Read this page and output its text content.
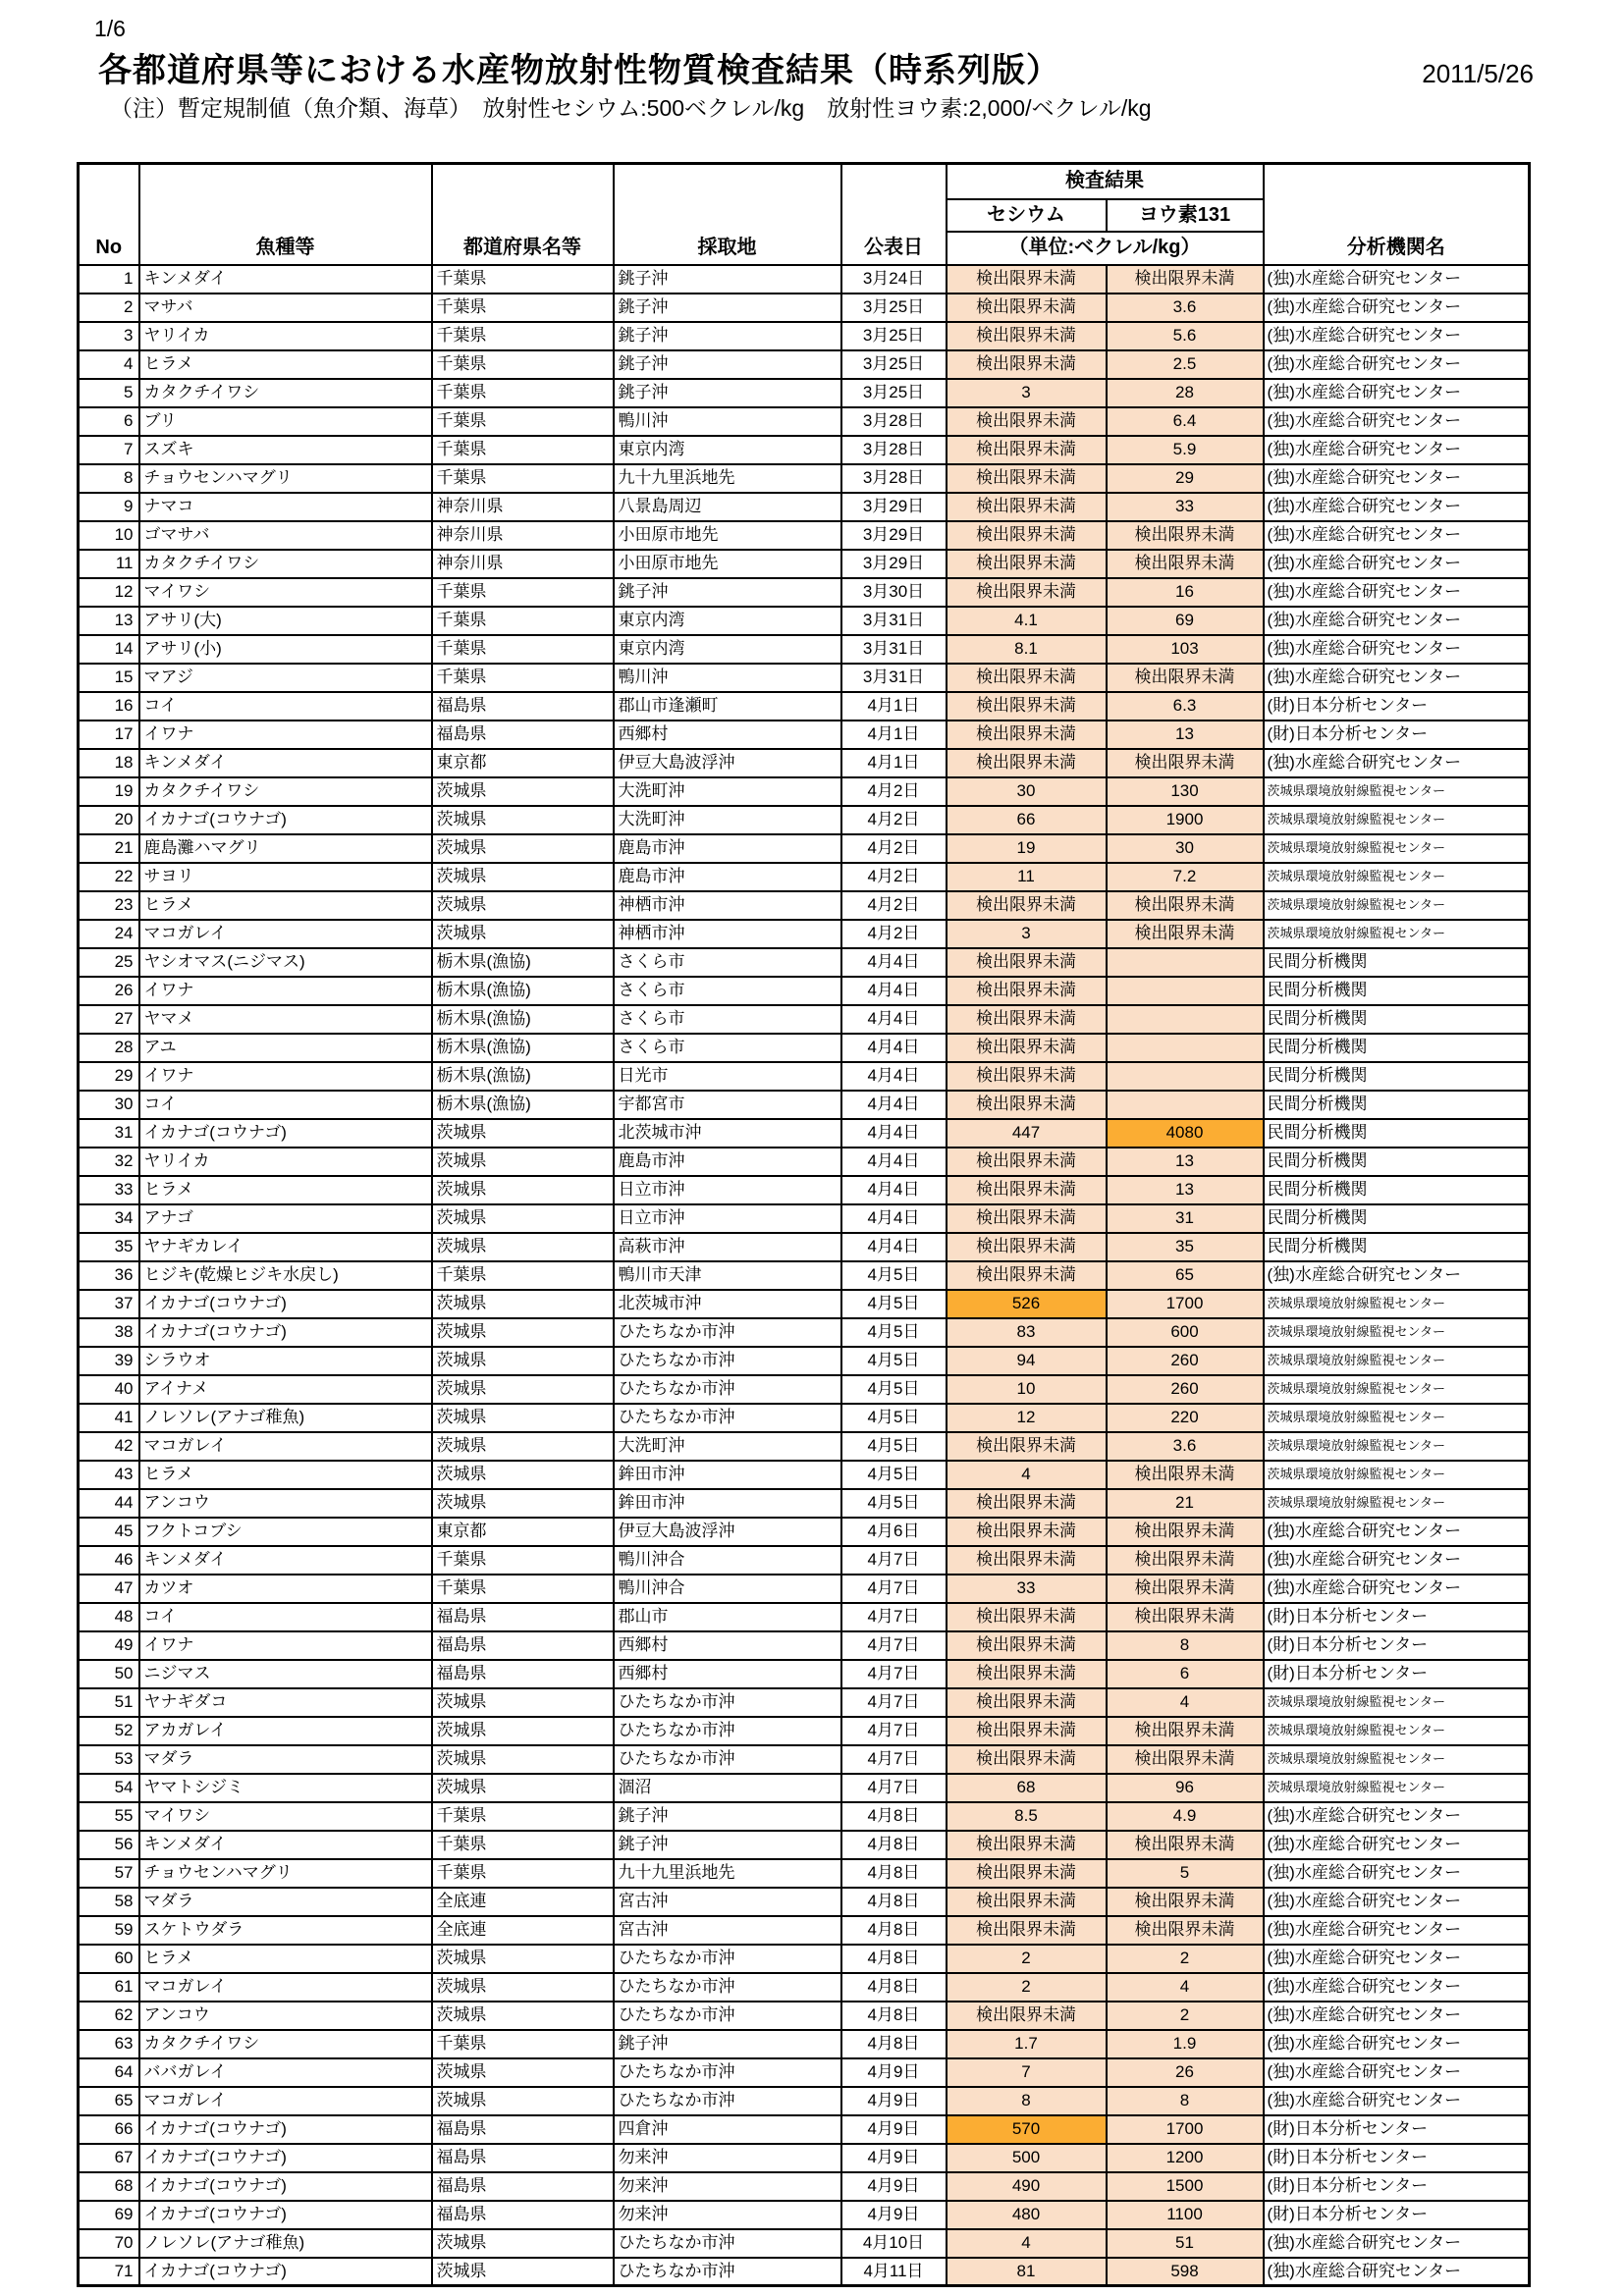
1/6
各都道府県等における水産物放射性物質検査結果（時系列版）	2011/5/26
（注）暫定規制値（魚介類、海草）　放射性セシウム:500ベクレル/kg　放射性ヨウ素:2,000/ベクレル/kg
No	魚種等	都道府県名等	採取地	公表日	検査結果		分析機関名
					セシウム	ヨウ素131	
					（単位:ベクレル/kg）		
1	キンメダイ	千葉県	銚子沖	3月24日	検出限界未満	検出限界未満	(独)水産総合研究センター
2	マサバ	千葉県	銚子沖	3月25日	検出限界未満	3.6	(独)水産総合研究センター
3	ヤリイカ	千葉県	銚子沖	3月25日	検出限界未満	5.6	(独)水産総合研究センター
4	ヒラメ	千葉県	銚子沖	3月25日	検出限界未満	2.5	(独)水産総合研究センター
5	カタクチイワシ	千葉県	銚子沖	3月25日	3	28	(独)水産総合研究センター
6	ブリ	千葉県	鴨川沖	3月28日	検出限界未満	6.4	(独)水産総合研究センター
7	スズキ	千葉県	東京内湾	3月28日	検出限界未満	5.9	(独)水産総合研究センター
8	チョウセンハマグリ	千葉県	九十九里浜地先	3月28日	検出限界未満	29	(独)水産総合研究センター
9	ナマコ	神奈川県	八景島周辺	3月29日	検出限界未満	33	(独)水産総合研究センター
10	ゴマサバ	神奈川県	小田原市地先	3月29日	検出限界未満	検出限界未満	(独)水産総合研究センター
11	カタクチイワシ	神奈川県	小田原市地先	3月29日	検出限界未満	検出限界未満	(独)水産総合研究センター
12	マイワシ	千葉県	銚子沖	3月30日	検出限界未満	16	(独)水産総合研究センター
13	アサリ(大)	千葉県	東京内湾	3月31日	4.1	69	(独)水産総合研究センター
14	アサリ(小)	千葉県	東京内湾	3月31日	8.1	103	(独)水産総合研究センター
15	マアジ	千葉県	鴨川沖	3月31日	検出限界未満	検出限界未満	(独)水産総合研究センター
16	コイ	福島県	郡山市逢瀬町	4月1日	検出限界未満	6.3	(財)日本分析センター
17	イワナ	福島県	西郷村	4月1日	検出限界未満	13	(財)日本分析センター
18	キンメダイ	東京都	伊豆大島波浮沖	4月1日	検出限界未満	検出限界未満	(独)水産総合研究センター
19	カタクチイワシ	茨城県	大洗町沖	4月2日	30	130	茨城県環境放射線監視センター
20	イカナゴ(コウナゴ)	茨城県	大洗町沖	4月2日	66	1900	茨城県環境放射線監視センター
21	鹿島灘ハマグリ	茨城県	鹿島市沖	4月2日	19	30	茨城県環境放射線監視センター
22	サヨリ	茨城県	鹿島市沖	4月2日	11	7.2	茨城県環境放射線監視センター
23	ヒラメ	茨城県	神栖市沖	4月2日	検出限界未満	検出限界未満	茨城県環境放射線監視センター
24	マコガレイ	茨城県	神栖市沖	4月2日	3	検出限界未満	茨城県環境放射線監視センター
25	ヤシオマス(ニジマス)	栃木県(漁協)	さくら市	4月4日	検出限界未満		民間分析機関
26	イワナ	栃木県(漁協)	さくら市	4月4日	検出限界未満		民間分析機関
27	ヤマメ	栃木県(漁協)	さくら市	4月4日	検出限界未満		民間分析機関
28	アユ	栃木県(漁協)	さくら市	4月4日	検出限界未満		民間分析機関
29	イワナ	栃木県(漁協)	日光市	4月4日	検出限界未満		民間分析機関
30	コイ	栃木県(漁協)	宇都宮市	4月4日	検出限界未満		民間分析機関
31	イカナゴ(コウナゴ)	茨城県	北茨城市沖	4月4日	447	4080	民間分析機関
32	ヤリイカ	茨城県	鹿島市沖	4月4日	検出限界未満	13	民間分析機関
33	ヒラメ	茨城県	日立市沖	4月4日	検出限界未満	13	民間分析機関
34	アナゴ	茨城県	日立市沖	4月4日	検出限界未満	31	民間分析機関
35	ヤナギカレイ	茨城県	高萩市沖	4月4日	検出限界未満	35	民間分析機関
36	ヒジキ(乾燥ヒジキ水戻し)	千葉県	鴨川市天津	4月5日	検出限界未満	65	(独)水産総合研究センター
37	イカナゴ(コウナゴ)	茨城県	北茨城市沖	4月5日	526	1700	茨城県環境放射線監視センター
38	イカナゴ(コウナゴ)	茨城県	ひたちなか市沖	4月5日	83	600	茨城県環境放射線監視センター
39	シラウオ	茨城県	ひたちなか市沖	4月5日	94	260	茨城県環境放射線監視センター
40	アイナメ	茨城県	ひたちなか市沖	4月5日	10	260	茨城県環境放射線監視センター
41	ノレソレ(アナゴ稚魚)	茨城県	ひたちなか市沖	4月5日	12	220	茨城県環境放射線監視センター
42	マコガレイ	茨城県	大洗町沖	4月5日	検出限界未満	3.6	茨城県環境放射線監視センター
43	ヒラメ	茨城県	鉾田市沖	4月5日	4	検出限界未満	茨城県環境放射線監視センター
44	アンコウ	茨城県	鉾田市沖	4月5日	検出限界未満	21	茨城県環境放射線監視センター
45	フクトコブシ	東京都	伊豆大島波浮沖	4月6日	検出限界未満	検出限界未満	(独)水産総合研究センター
46	キンメダイ	千葉県	鴨川沖合	4月7日	検出限界未満	検出限界未満	(独)水産総合研究センター
47	カツオ	千葉県	鴨川沖合	4月7日	33	検出限界未満	(独)水産総合研究センター
48	コイ	福島県	郡山市	4月7日	検出限界未満	検出限界未満	(財)日本分析センター
49	イワナ	福島県	西郷村	4月7日	検出限界未満	8	(財)日本分析センター
50	ニジマス	福島県	西郷村	4月7日	検出限界未満	6	(財)日本分析センター
51	ヤナギダコ	茨城県	ひたちなか市沖	4月7日	検出限界未満	4	茨城県環境放射線監視センター
52	アカガレイ	茨城県	ひたちなか市沖	4月7日	検出限界未満	検出限界未満	茨城県環境放射線監視センター
53	マダラ	茨城県	ひたちなか市沖	4月7日	検出限界未満	検出限界未満	茨城県環境放射線監視センター
54	ヤマトシジミ	茨城県	涸沼	4月7日	68	96	茨城県環境放射線監視センター
55	マイワシ	千葉県	銚子沖	4月8日	8.5	4.9	(独)水産総合研究センター
56	キンメダイ	千葉県	銚子沖	4月8日	検出限界未満	検出限界未満	(独)水産総合研究センター
57	チョウセンハマグリ	千葉県	九十九里浜地先	4月8日	検出限界未満	5	(独)水産総合研究センター
58	マダラ	全底連	宮古沖	4月8日	検出限界未満	検出限界未満	(独)水産総合研究センター
59	スケトウダラ	全底連	宮古沖	4月8日	検出限界未満	検出限界未満	(独)水産総合研究センター
60	ヒラメ	茨城県	ひたちなか市沖	4月8日	2	2	(独)水産総合研究センター
61	マコガレイ	茨城県	ひたちなか市沖	4月8日	2	4	(独)水産総合研究センター
62	アンコウ	茨城県	ひたちなか市沖	4月8日	検出限界未満	2	(独)水産総合研究センター
63	カタクチイワシ	千葉県	銚子沖	4月8日	1.7	1.9	(独)水産総合研究センター
64	ババガレイ	茨城県	ひたちなか市沖	4月9日	7	26	(独)水産総合研究センター
65	マコガレイ	茨城県	ひたちなか市沖	4月9日	8	8	(独)水産総合研究センター
66	イカナゴ(コウナゴ)	福島県	四倉沖	4月9日	570	1700	(財)日本分析センター
67	イカナゴ(コウナゴ)	福島県	勿来沖	4月9日	500	1200	(財)日本分析センター
68	イカナゴ(コウナゴ)	福島県	勿来沖	4月9日	490	1500	(財)日本分析センター
69	イカナゴ(コウナゴ)	福島県	勿来沖	4月9日	480	1100	(財)日本分析センター
70	ノレソレ(アナゴ稚魚)	茨城県	ひたちなか市沖	4月10日	4	51	(独)水産総合研究センター
71	イカナゴ(コウナゴ)	茨城県	ひたちなか市沖	4月11日	81	598	(独)水産総合研究センター
